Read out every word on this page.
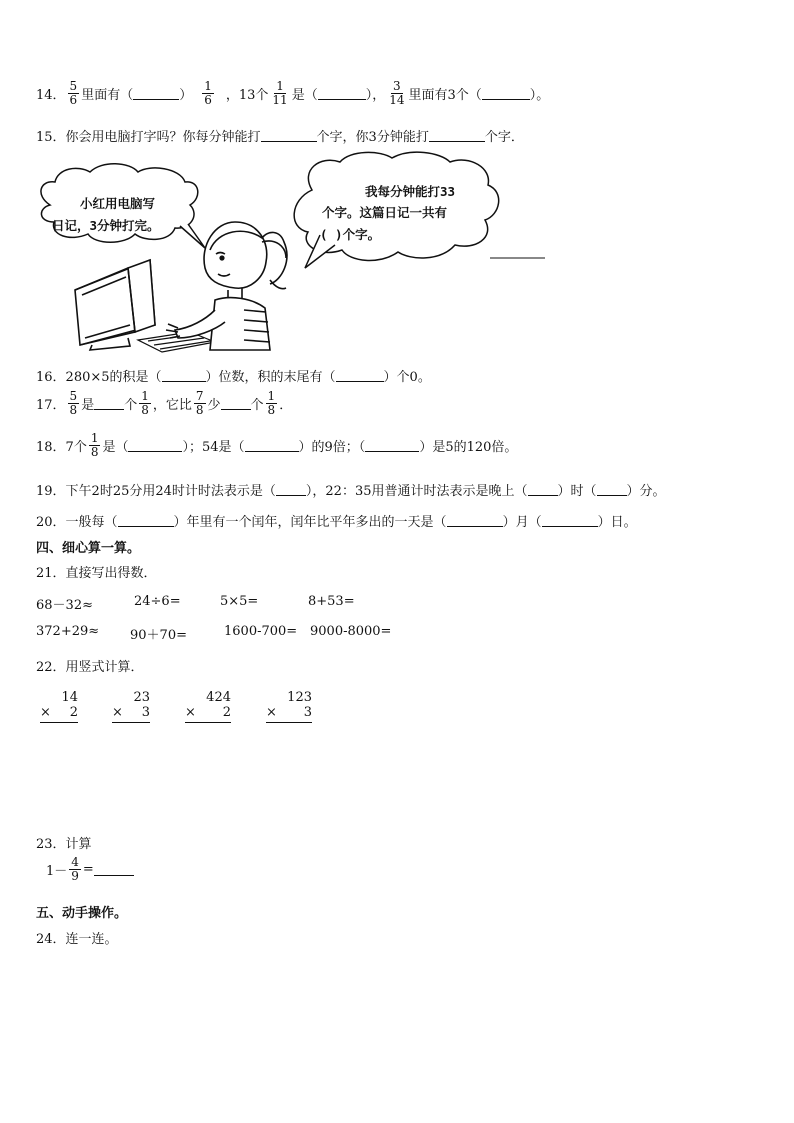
14． $\frac{5}{6}$ 里面有（	） $\frac{1}{6}$ ，13个 $\frac{1}{11}$ 是（	）， $\frac{3}{14}$ 里面有3个（	）。
15．你会用电脑打字吗？你每分钟能打	个字，你3分钟能打	个字．
小红用电脑写
日记，3分钟打完。
我每分钟能打33
个字。这篇日记一共有
( )个字。
16．280×5的积是（	）位数，积的末尾有（	）个0。
17． $\frac{5}{8}$ 是 个 $\frac{1}{8}$ ，它比 $\frac{7}{8}$ 少 个 $\frac{1}{8}$ ．
18．7个 $\frac{1}{8}$ 是（	）；54是（	）的9倍；（	）是5的120倍。
19．下午2时25分用24时计时法表示是（ ），22：35用普通计时法表示是晚上（ ）时（ ）分。
20．一般每（	）年里有一个闰年，闰年比平年多出的一天是（	）月（	）日。
四、细心算一算。
21．直接写出得数．
68－32≈	24÷6=	5×5=	8+53=
372+29≈	90＋70=	1600-700= 9000-8000=
22．用竖式计算．
14
× 2
23
× 3
424
× 2
123
× 3
23．计算
$1- \frac{4}{9}$ =
五、动手操作。
24．连一连。
